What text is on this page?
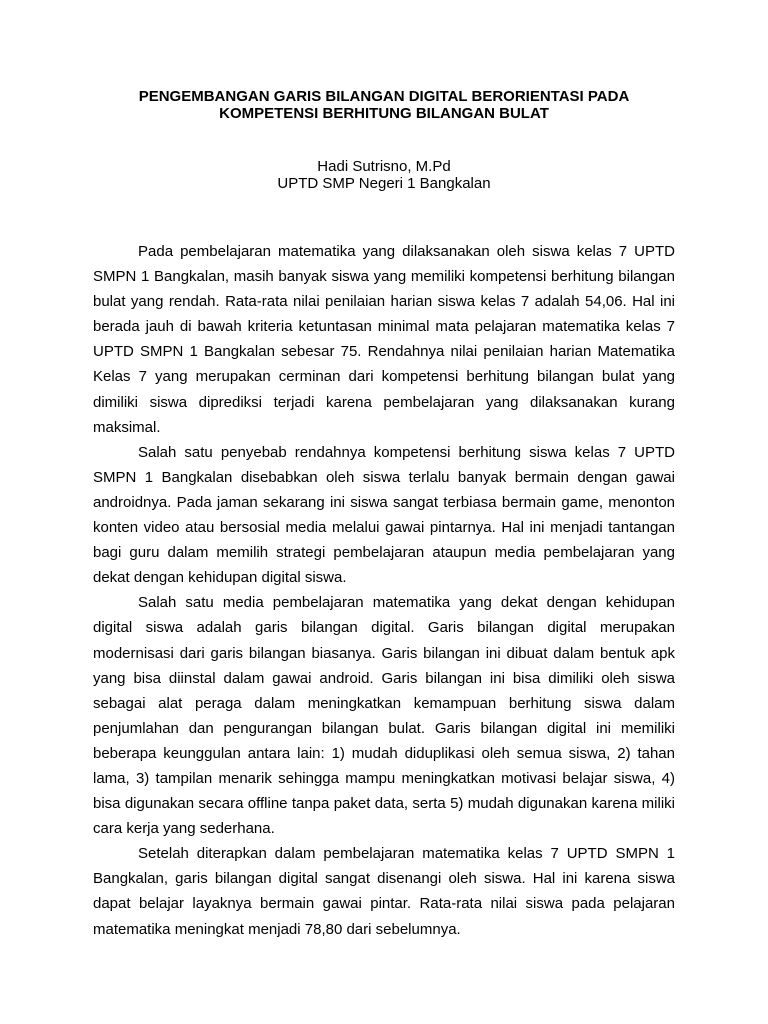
PENGEMBANGAN GARIS BILANGAN DIGITAL BERORIENTASI PADA
KOMPETENSI BERHITUNG BILANGAN BULAT
Hadi Sutrisno, M.Pd
UPTD SMP Negeri 1 Bangkalan

Pada pembelajaran matematika yang dilaksanakan oleh siswa kelas 7 UPTD SMPN 1 Bangkalan, masih banyak siswa yang memiliki kompetensi berhitung bilangan bulat yang rendah. Rata-rata nilai penilaian harian siswa kelas 7 adalah 54,06. Hal ini berada jauh di bawah kriteria ketuntasan minimal mata pelajaran matematika kelas 7 UPTD SMPN 1 Bangkalan sebesar 75. Rendahnya nilai penilaian harian Matematika Kelas 7 yang merupakan cerminan dari kompetensi berhitung bilangan bulat yang dimiliki siswa diprediksi terjadi karena pembelajaran yang dilaksanakan kurang maksimal.

Salah satu penyebab rendahnya kompetensi berhitung siswa kelas 7 UPTD SMPN 1 Bangkalan disebabkan oleh siswa terlalu banyak bermain dengan gawai androidnya. Pada jaman sekarang ini siswa sangat terbiasa bermain game, menonton konten video atau bersosial media melalui gawai pintarnya. Hal ini menjadi tantangan bagi guru dalam memilih strategi pembelajaran ataupun media pembelajaran yang dekat dengan kehidupan digital siswa.

Salah satu media pembelajaran matematika yang dekat dengan kehidupan digital siswa adalah garis bilangan digital. Garis bilangan digital merupakan modernisasi dari garis bilangan biasanya. Garis bilangan ini dibuat dalam bentuk apk yang bisa diinstal dalam gawai android. Garis bilangan ini bisa dimiliki oleh siswa sebagai alat peraga dalam meningkatkan kemampuan berhitung siswa dalam penjumlahan dan pengurangan bilangan bulat. Garis bilangan digital ini memiliki beberapa keunggulan antara lain: 1) mudah diduplikasi oleh semua siswa, 2) tahan lama, 3) tampilan menarik sehingga mampu meningkatkan motivasi belajar siswa, 4) bisa digunakan secara offline tanpa paket data, serta 5) mudah digunakan karena miliki cara kerja yang sederhana.

Setelah diterapkan dalam pembelajaran matematika kelas 7 UPTD SMPN 1 Bangkalan, garis bilangan digital sangat disenangi oleh siswa. Hal ini karena siswa dapat belajar layaknya bermain gawai pintar. Rata-rata nilai siswa pada pelajaran matematika meningkat menjadi 78,80 dari sebelumnya.
